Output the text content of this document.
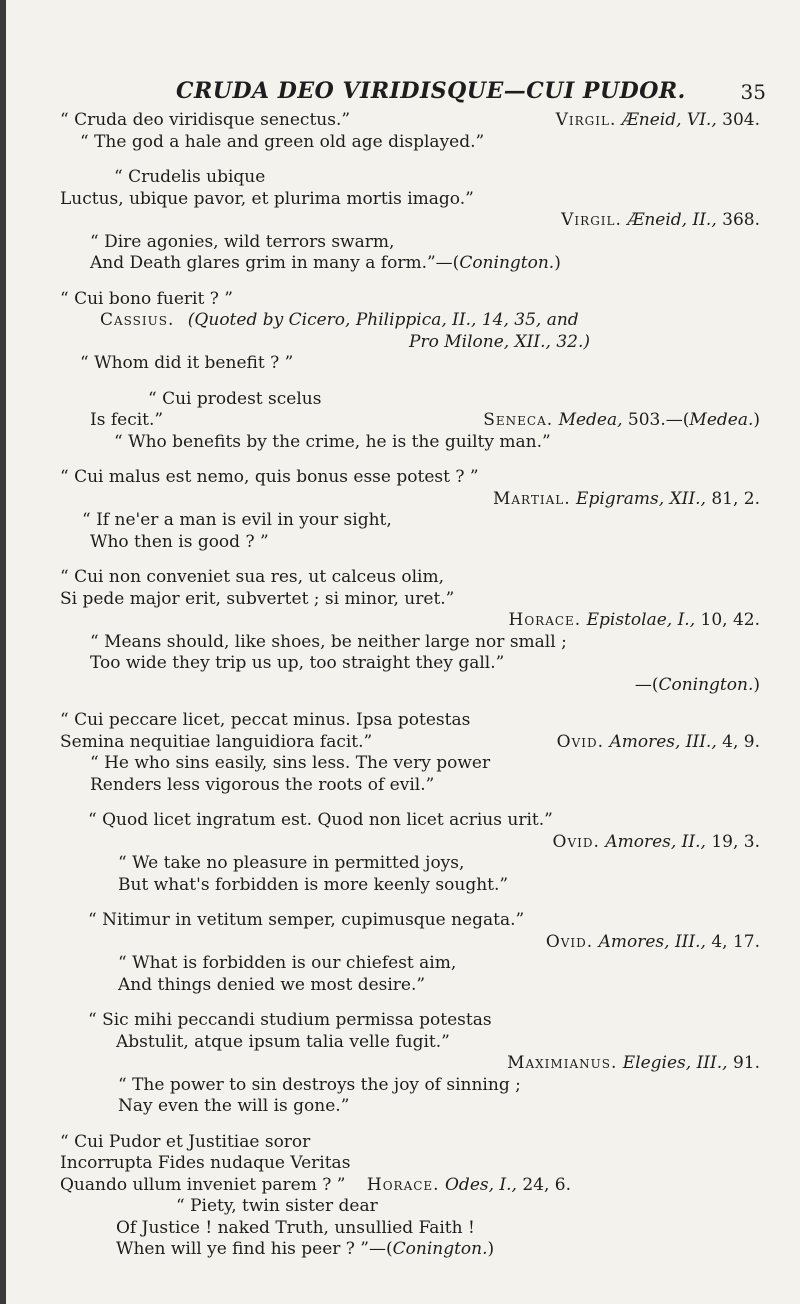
CRUDA DEO VIRIDISQUE—CUI PUDOR.	35
“ Cruda deo viridisque senectus.”	Virgil. Æneid, VI., 304.
“ The god a hale and green old age displayed.”
“ Crudelis ubique
Luctus, ubique pavor, et plurima mortis imago.”
Virgil. Æneid, II., 368.
“ Dire agonies, wild terrors swarm,
And Death glares grim in many a form.”—(Conington.)
“ Cui bono fuerit ? ”
Cassius. (Quoted by Cicero, Philippica, II., 14, 35, and
Pro Milone, XII., 32.)
“ Whom did it benefit ? ”
“ Cui prodest scelus
Is fecit.”	Seneca. Medea, 503.—(Medea.)
“ Who benefits by the crime, he is the guilty man.”
“ Cui malus est nemo, quis bonus esse potest ? ”
Martial. Epigrams, XII., 81, 2.
“ If ne'er a man is evil in your sight,
Who then is good ? ”
“ Cui non conveniet sua res, ut calceus olim,
Si pede major erit, subvertet ; si minor, uret.”
Horace. Epistolae, I., 10, 42.
“ Means should, like shoes, be neither large nor small ;
Too wide they trip us up, too straight they gall.”
—(Conington.)
“ Cui peccare licet, peccat minus. Ipsa potestas
Semina nequitiae languidiora facit.”	Ovid. Amores, III., 4, 9.
“ He who sins easily, sins less. The very power
Renders less vigorous the roots of evil.”
“ Quod licet ingratum est. Quod non licet acrius urit.”
Ovid. Amores, II., 19, 3.
“ We take no pleasure in permitted joys,
But what's forbidden is more keenly sought.”
“ Nitimur in vetitum semper, cupimusque negata.”
Ovid. Amores, III., 4, 17.
“ What is forbidden is our chiefest aim,
And things denied we most desire.”
“ Sic mihi peccandi studium permissa potestas
Abstulit, atque ipsum talia velle fugit.”
Maximianus. Elegies, III., 91.
“ The power to sin destroys the joy of sinning ;
Nay even the will is gone.”
“ Cui Pudor et Justitiae soror
Incorrupta Fides nudaque Veritas
Quando ullum inveniet parem ? ” Horace. Odes, I., 24, 6.
“ Piety, twin sister dear
Of Justice ! naked Truth, unsullied Faith !
When will ye find his peer ? ”—(Conington.)
